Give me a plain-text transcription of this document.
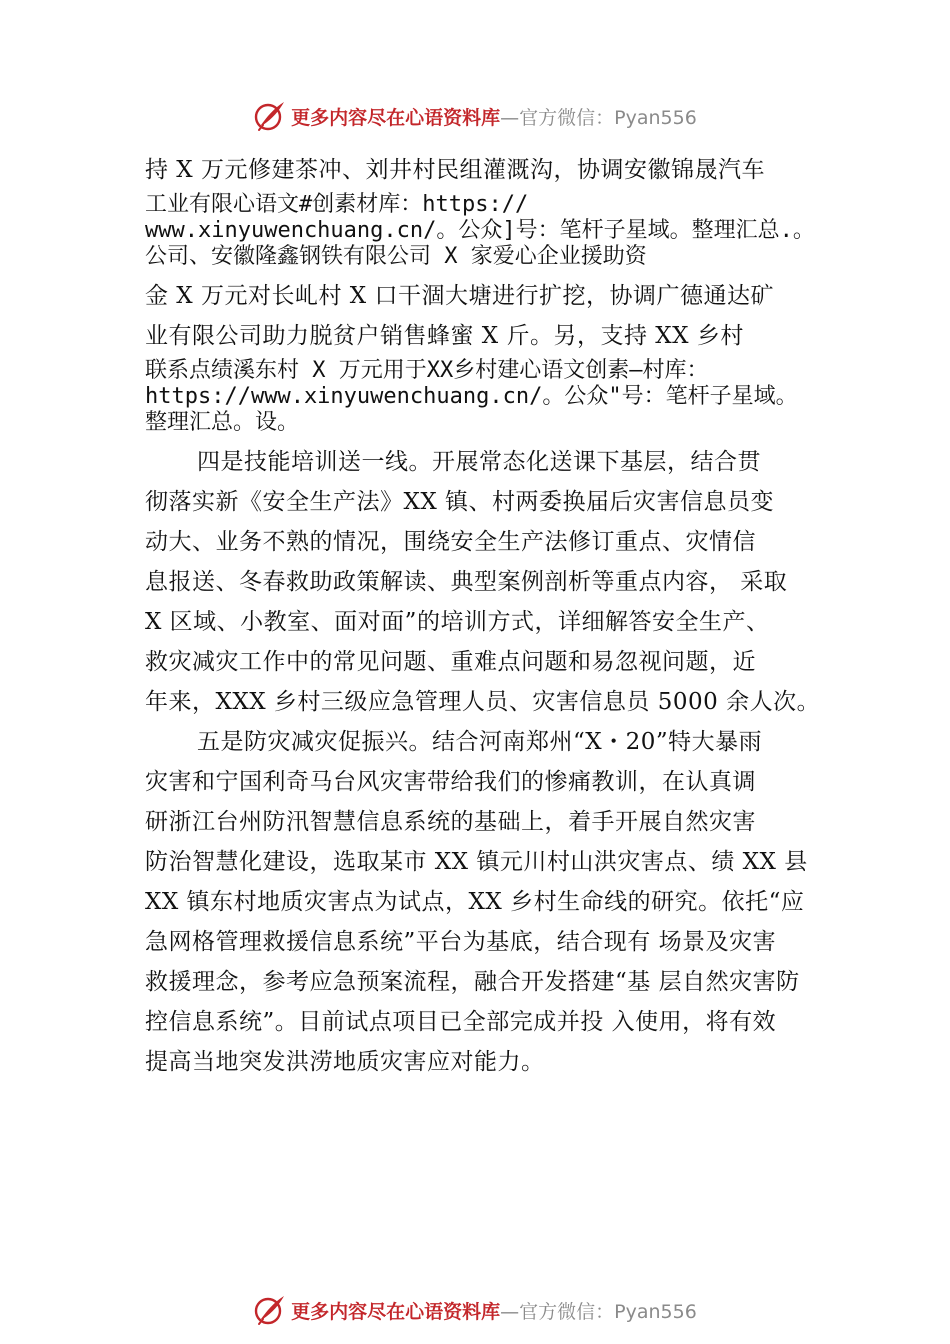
更多内容尽在心语资料库 —官方微信：Pyan556
持 X 万元修建茶冲、刘井村民组灌溉沟，协调安徽锦晟汽车
工业有限心语文#创素材库：https://
www.xinyuwenchuang.cn/。公众]号：笔杆子星域。整理汇总.。
公司、安徽隆鑫钢铁有限公司 X 家爱心企业援助资
金 X 万元对长乢村 X 口干涸大塘进行扩挖，协调广德通达矿
业有限公司助力脱贫户销售蜂蜜 X 斤。另，支持 XX 乡村
联系点绩溪东村 X 万元用于XX乡村建心语文创素—村库：
https://www.xinyuwenchuang.cn/。公众"号：笔杆子星域。
整理汇总。设。
四是技能培训送一线。开展常态化送课下基层，结合贯
彻落实新《安全生产法》XX 镇、村两委换届后灾害信息员变
动大、业务不熟的情况，围绕安全生产法修订重点、灾情信
息报送、冬春救助政策解读、典型案例剖析等重点内容， 采取
X 区域、小教室、面对面”的培训方式，详细解答安全生产、
救灾减灾工作中的常见问题、重难点问题和易忽视问题，近
年来，XXX 乡村三级应急管理人员、灾害信息员 5000 余人次。
五是防灾减灾促振兴。结合河南郑州“X・20”特大暴雨
灾害和宁国利奇马台风灾害带给我们的惨痛教训，在认真调
研浙江台州防汛智慧信息系统的基础上，着手开展自然灾害
防治智慧化建设，选取某市 XX 镇元川村山洪灾害点、绩 XX 县
XX 镇东村地质灾害点为试点，XX 乡村生命线的研究。依托“应
急网格管理救援信息系统”平台为基底，结合现有 场景及灾害
救援理念，参考应急预案流程，融合开发搭建“基 层自然灾害防
控信息系统”。目前试点项目已全部完成并投 入使用，将有效
提高当地突发洪涝地质灾害应对能力。
更多内容尽在心语资料库 —官方微信：Pyan556
